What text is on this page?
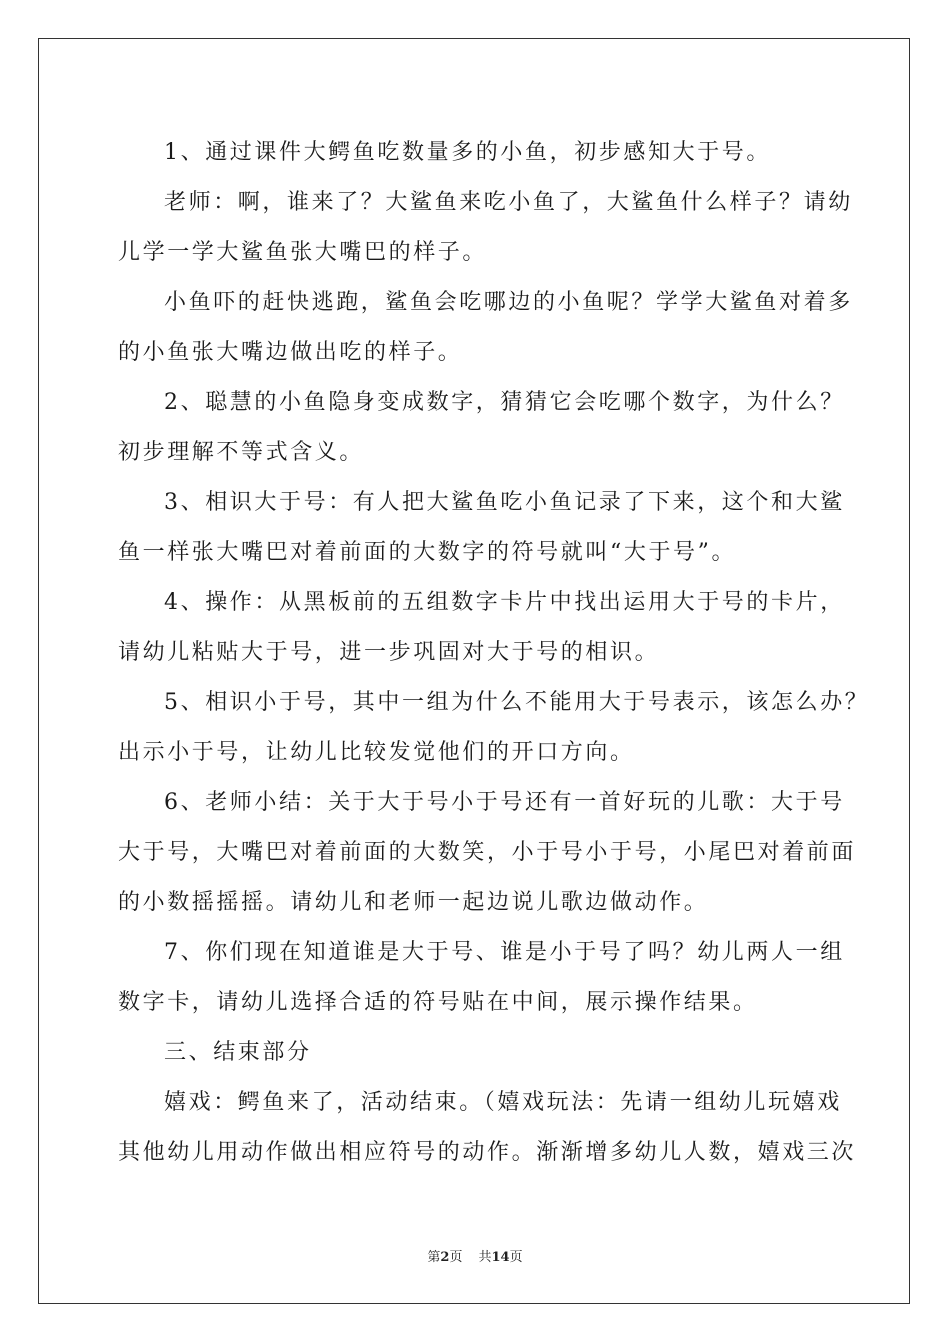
1、通过课件大鳄鱼吃数量多的小鱼，初步感知大于号。
老师：啊，谁来了？大鲨鱼来吃小鱼了，大鲨鱼什么样子？请幼
儿学一学大鲨鱼张大嘴巴的样子。
小鱼吓的赶快逃跑，鲨鱼会吃哪边的小鱼呢？学学大鲨鱼对着多
的小鱼张大嘴边做出吃的样子。
2、聪慧的小鱼隐身变成数字，猜猜它会吃哪个数字，为什么？
初步理解不等式含义。
3、相识大于号：有人把大鲨鱼吃小鱼记录了下来，这个和大鲨
鱼一样张大嘴巴对着前面的大数字的符号就叫“大于号”。
4、操作：从黑板前的五组数字卡片中找出运用大于号的卡片，
请幼儿粘贴大于号，进一步巩固对大于号的相识。
5、相识小于号，其中一组为什么不能用大于号表示，该怎么办？
出示小于号，让幼儿比较发觉他们的开口方向。
6、老师小结：关于大于号小于号还有一首好玩的儿歌：大于号
大于号，大嘴巴对着前面的大数笑，小于号小于号，小尾巴对着前面
的小数摇摇摇。请幼儿和老师一起边说儿歌边做动作。
7、你们现在知道谁是大于号、谁是小于号了吗？幼儿两人一组
数字卡，请幼儿选择合适的符号贴在中间，展示操作结果。
三、结束部分
嬉戏：鳄鱼来了，活动结束。（嬉戏玩法：先请一组幼儿玩嬉戏
其他幼儿用动作做出相应符号的动作。渐渐增多幼儿人数，嬉戏三次
第2页 共14页
